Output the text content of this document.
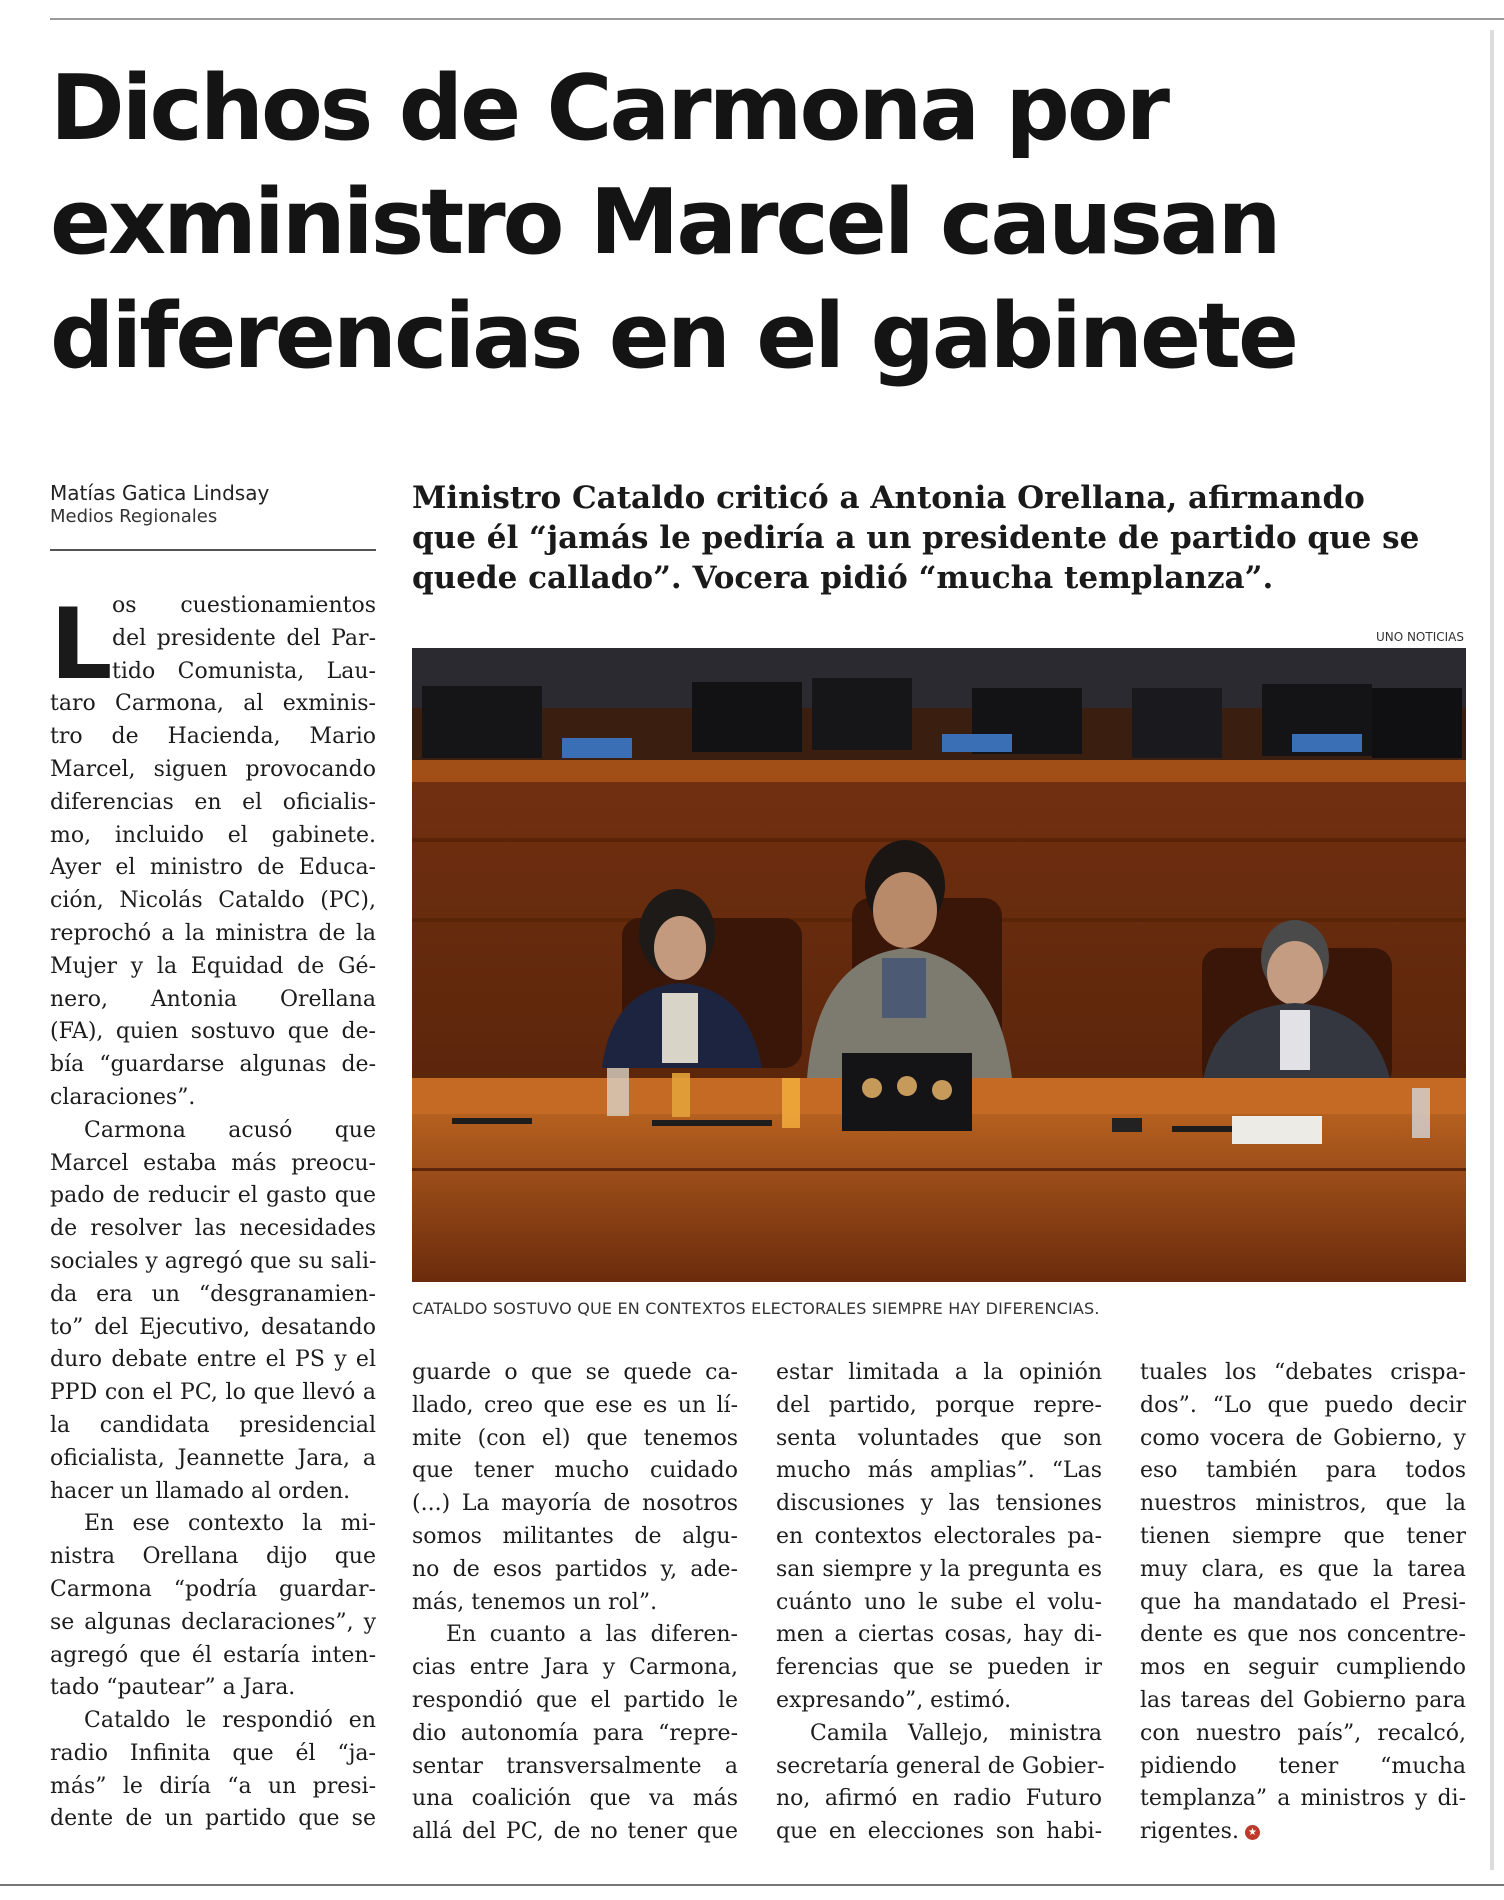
Dichos de Carmona por
exministro Marcel causan
diferencias en el gabinete
Matías Gatica Lindsay
Medios Regionales
Ministro Cataldo criticó a Antonia Orellana, afirmando
que él “jamás le pediría a un presidente de partido que se
quede callado”. Vocera pidió “mucha templanza”.
UNO NOTICIAS
CATALDO SOSTUVO QUE EN CONTEXTOS ELECTORALES SIEMPRE HAY DIFERENCIAS.
L os cuestionamientos
del presidente del Par-
tido Comunista, Lau-
taro Carmona, al exminis-
tro de Hacienda, Mario
Marcel, siguen provocando
diferencias en el oficialis-
mo, incluido el gabinete.
Ayer el ministro de Educa-
ción, Nicolás Cataldo (PC),
reprochó a la ministra de la
Mujer y la Equidad de Gé-
nero, Antonia Orellana
(FA), quien sostuvo que de-
bía “guardarse algunas de-
claraciones”.
Carmona acusó que
Marcel estaba más preocu-
pado de reducir el gasto que
de resolver las necesidades
sociales y agregó que su sali-
da era un “desgranamien-
to” del Ejecutivo, desatando
duro debate entre el PS y el
PPD con el PC, lo que llevó a
la candidata presidencial
oficialista, Jeannette Jara, a
hacer un llamado al orden.
En ese contexto la mi-
nistra Orellana dijo que
Carmona “podría guardar-
se algunas declaraciones”, y
agregó que él estaría inten-
tado “pautear” a Jara.
Cataldo le respondió en
radio Infinita que él “ja-
más” le diría “a un presi-
dente de un partido que se
guarde o que se quede ca-
llado, creo que ese es un lí-
mite (con el) que tenemos
que tener mucho cuidado
(...) La mayoría de nosotros
somos militantes de algu-
no de esos partidos y, ade-
más, tenemos un rol”.
En cuanto a las diferen-
cias entre Jara y Carmona,
respondió que el partido le
dio autonomía para “repre-
sentar transversalmente a
una coalición que va más
allá del PC, de no tener que
estar limitada a la opinión
del partido, porque repre-
senta voluntades que son
mucho más amplias”. “Las
discusiones y las tensiones
en contextos electorales pa-
san siempre y la pregunta es
cuánto uno le sube el volu-
men a ciertas cosas, hay di-
ferencias que se pueden ir
expresando”, estimó.
Camila Vallejo, ministra
secretaría general de Gobier-
no, afirmó en radio Futuro
que en elecciones son habi-
tuales los “debates crispa-
dos”. “Lo que puedo decir
como vocera de Gobierno, y
eso también para todos
nuestros ministros, que la
tienen siempre que tener
muy clara, es que la tarea
que ha mandatado el Presi-
dente es que nos concentre-
mos en seguir cumpliendo
las tareas del Gobierno para
con nuestro país”, recalcó,
pidiendo tener “mucha
templanza” a ministros y di-
rigentes. ★
